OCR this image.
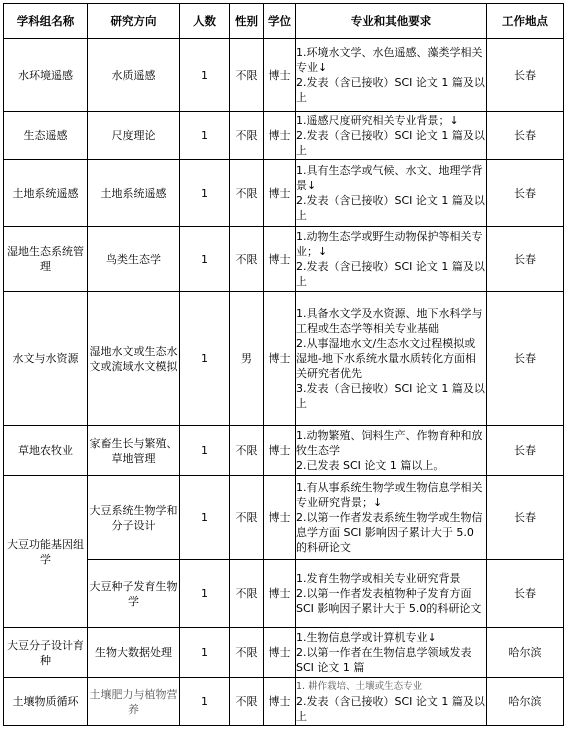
学科组名称	研究方向	人数	性别	学位	专业和其他要求	工作地点
水环境遥感	水质遥感	1	不限	博士	1.环境水文学、水色遥感、藻类学相关专业↓
2.发表（含已接收）SCI 论文 1 篇及以上	长春
生态遥感	尺度理论	1	不限	博士	1.遥感尺度研究相关专业背景；↓
2.发表（含已接收）SCI 论文 1 篇及以上	长春
土地系统遥感	土地系统遥感	1	不限	博士	1.具有生态学或气候、水文、地理学背景↓
2.发表（含已接收）SCI 论文 1 篇及以上	长春
湿地生态系统管理	鸟类生态学	1	不限	博士	1.动物生态学或野生动物保护等相关专业；↓
2.发表（含已接收）SCI 论文 1 篇及以上	长春
水文与水资源	湿地水文或生态水文或流域水文模拟	1	男	博士	1.具备水文学及水资源、地下水科学与工程或生态学等相关专业基础
2.从事湿地水文/生态水文过程模拟或湿地-地下水系统水量水质转化方面相关研究者优先
3.发表（含已接收）SCI 论文 1 篇及以上	长春
草地农牧业	家畜生长与繁殖、草地管理	1	不限	博士	1.动物繁殖、饲料生产、作物育种和放牧生态学
2.已发表 SCI 论文 1 篇以上。	长春
大豆功能基因组学	大豆系统生物学和分子设计	1	不限	博士	1.有从事系统生物学或生物信息学相关专业研究背景；↓
2.以第一作者发表系统生物学或生物信息学方面 SCI 影响因子累计大于 5.0 的科研论文	长春
	大豆种子发育生物学	1	不限	博士	1.发育生物学或相关专业研究背景
2.以第一作者发表植物种子发育方面 SCI 影响因子累计大于 5.0的科研论文	长春
大豆分子设计育种	生物大数据处理	1	不限	博士	1.生物信息学或计算机专业↓
2.以第一作者在生物信息学领域发表 SCI 论文 1 篇	哈尔滨
土壤物质循环	土壤肥力与植物营养	1	不限	博士	1. 耕作栽培、土壤或生态专业
2.发表（含已接收）SCI 论文 1 篇及以上	哈尔滨
